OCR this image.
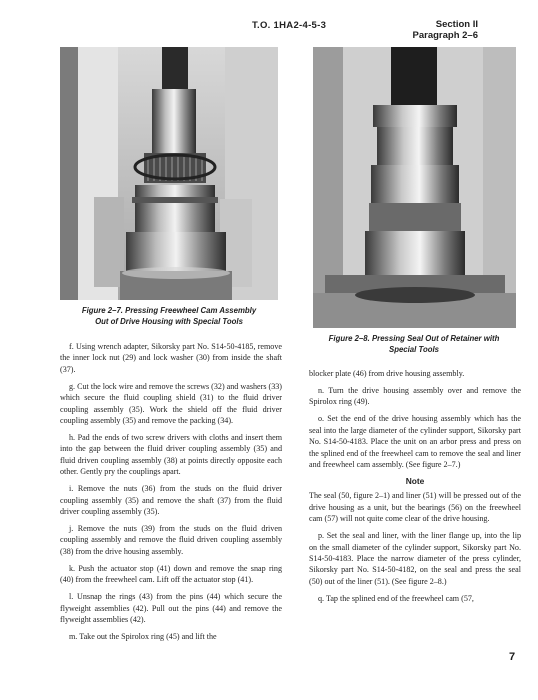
T.O. 1HA2-4-5-3	Section II
Paragraph 2–6
Figure 2–7. Pressing Freewheel Cam Assembly
Out of Drive Housing with Special Tools
Figure 2–8. Pressing Seal Out of Retainer with
Special Tools

f. Using wrench adapter, Sikorsky part No. S14-50-4185, remove the inner lock nut (29) and lock washer (30) from inside the shaft (37).

g. Cut the lock wire and remove the screws (32) and washers (33) which secure the fluid coupling shield (31) to the fluid driver coupling assembly (35). Work the shield off the fluid driver coupling assembly (35) and remove the packing (34).

h. Pad the ends of two screw drivers with cloths and insert them into the gap between the fluid driver coupling assembly (35) and fluid driven coupling assembly (38) at points directly opposite each other. Gently pry the couplings apart.

i. Remove the nuts (36) from the studs on the fluid driver coupling assembly (35) and remove the shaft (37) from the fluid driver coupling assembly (35).

j. Remove the nuts (39) from the studs on the fluid driven coupling assembly and remove the fluid driven coupling assembly (38) from the drive housing assembly.

k. Push the actuator stop (41) down and remove the snap ring (40) from the freewheel cam. Lift off the actuator stop (41).

l. Unsnap the rings (43) from the pins (44) which secure the flyweight assemblies (42). Pull out the pins (44) and remove the flyweight assemblies (42).

m. Take out the Spirolox ring (45) and lift the

blocker plate (46) from drive housing assembly.

n. Turn the drive housing assembly over and remove the Spirolox ring (49).

o. Set the end of the drive housing assembly which has the seal into the large diameter of the cylinder support, Sikorsky part No. S14-50-4183. Place the unit on an arbor press and press on the splined end of the freewheel cam to remove the seal and liner and freewheel cam assembly. (See figure 2–7.)

Note

The seal (50, figure 2–1) and liner (51) will be pressed out of the drive housing as a unit, but the bearings (56) on the freewheel cam (57) will not quite come clear of the drive housing.

p. Set the seal and liner, with the liner flange up, into the lip on the small diameter of the cylinder support, Sikorsky part No. S14-50-4183. Place the narrow diameter of the press cylinder, Sikorsky part No. S14-50-4182, on the seal and press the seal (50) out of the liner (51). (See figure 2–8.)

q. Tap the splined end of the freewheel cam (57,

7
